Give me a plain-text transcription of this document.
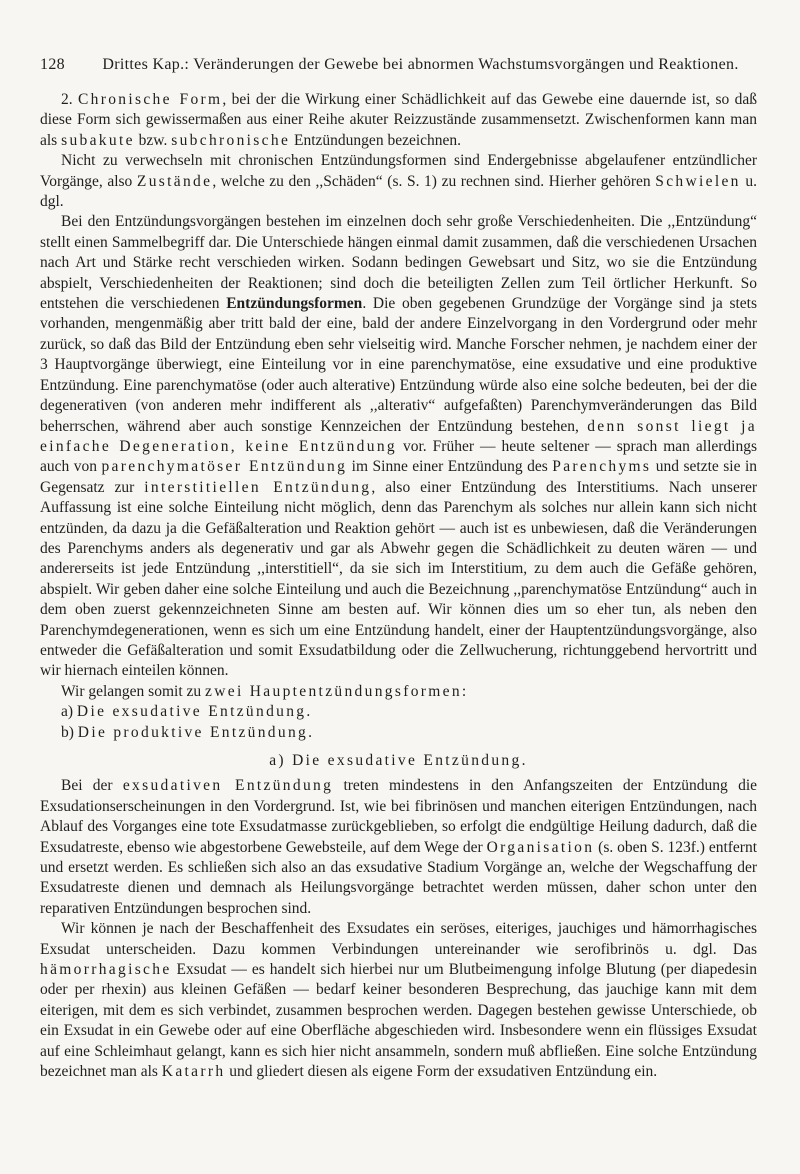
128	Drittes Kap.: Veränderungen der Gewebe bei abnormen Wachstumsvorgängen und Reaktionen.

2. Chronische Form, bei der die Wirkung einer Schädlichkeit auf das Gewebe eine dauernde ist, so daß diese Form sich gewissermaßen aus einer Reihe akuter Reizzustände zusammensetzt. Zwischenformen kann man als subakute bzw. subchronische Entzündungen bezeichnen.

Nicht zu verwechseln mit chronischen Entzündungsformen sind Endergebnisse abgelaufener entzündlicher Vorgänge, also Zustände, welche zu den ,,Schäden“ (s. S. 1) zu rechnen sind. Hierher gehören Schwielen u. dgl.

Bei den Entzündungsvorgängen bestehen im einzelnen doch sehr große Verschiedenheiten. Die ,,Entzündung“ stellt einen Sammelbegriff dar. Die Unterschiede hängen einmal damit zusammen, daß die verschiedenen Ursachen nach Art und Stärke recht verschieden wirken. Sodann bedingen Gewebsart und Sitz, wo sie die Entzündung abspielt, Verschiedenheiten der Reaktionen; sind doch die beteiligten Zellen zum Teil örtlicher Herkunft. So entstehen die verschiedenen Entzündungsformen. Die oben gegebenen Grundzüge der Vorgänge sind ja stets vorhanden, mengenmäßig aber tritt bald der eine, bald der andere Einzelvorgang in den Vordergrund oder mehr zurück, so daß das Bild der Entzündung eben sehr vielseitig wird. Manche Forscher nehmen, je nachdem einer der 3 Hauptvorgänge überwiegt, eine Einteilung vor in eine parenchymatöse, eine exsudative und eine produktive Entzündung. Eine parenchymatöse (oder auch alterative) Entzündung würde also eine solche bedeuten, bei der die degenerativen (von anderen mehr indifferent als ,,alterativ“ aufgefaßten) Parenchymveränderungen das Bild beherrschen, während aber auch sonstige Kennzeichen der Entzündung bestehen, denn sonst liegt ja einfache Degeneration, keine Entzündung vor. Früher — heute seltener — sprach man allerdings auch von parenchymatöser Entzündung im Sinne einer Entzündung des Parenchyms und setzte sie in Gegensatz zur interstitiellen Entzündung, also einer Entzündung des Interstitiums. Nach unserer Auffassung ist eine solche Einteilung nicht möglich, denn das Parenchym als solches nur allein kann sich nicht entzünden, da dazu ja die Gefäßalteration und Reaktion gehört — auch ist es unbewiesen, daß die Veränderungen des Parenchyms anders als degenerativ und gar als Abwehr gegen die Schädlichkeit zu deuten wären — und andererseits ist jede Entzündung ,,interstitiell“, da sie sich im Interstitium, zu dem auch die Gefäße gehören, abspielt. Wir geben daher eine solche Einteilung und auch die Bezeichnung ,,parenchymatöse Entzündung“ auch in dem oben zuerst gekennzeichneten Sinne am besten auf. Wir können dies um so eher tun, als neben den Parenchymdegenerationen, wenn es sich um eine Entzündung handelt, einer der Hauptentzündungsvorgänge, also entweder die Gefäßalteration und somit Exsudatbildung oder die Zellwucherung, richtunggebend hervortritt und wir hiernach einteilen können.

Wir gelangen somit zu zwei Hauptentzündungsformen:

a) Die exsudative Entzündung.

b) Die produktive Entzündung.

a) Die exsudative Entzündung.

Bei der exsudativen Entzündung treten mindestens in den Anfangszeiten der Entzündung die Exsudationserscheinungen in den Vordergrund. Ist, wie bei fibrinösen und manchen eiterigen Entzündungen, nach Ablauf des Vorganges eine tote Exsudatmasse zurückgeblieben, so erfolgt die endgültige Heilung dadurch, daß die Exsudatreste, ebenso wie abgestorbene Gewebsteile, auf dem Wege der Organisation (s. oben S. 123f.) entfernt und ersetzt werden. Es schließen sich also an das exsudative Stadium Vorgänge an, welche der Wegschaffung der Exsudatreste dienen und demnach als Heilungsvorgänge betrachtet werden müssen, daher schon unter den reparativen Entzündungen besprochen sind.

Wir können je nach der Beschaffenheit des Exsudates ein seröses, eiteriges, jauchiges und hämorrhagisches Exsudat unterscheiden. Dazu kommen Verbindungen untereinander wie serofibrinös u. dgl. Das hämorrhagische Exsudat — es handelt sich hierbei nur um Blutbeimengung infolge Blutung (per diapedesin oder per rhexin) aus kleinen Gefäßen — bedarf keiner besonderen Besprechung, das jauchige kann mit dem eiterigen, mit dem es sich verbindet, zusammen besprochen werden. Dagegen bestehen gewisse Unterschiede, ob ein Exsudat in ein Gewebe oder auf eine Oberfläche abgeschieden wird. Insbesondere wenn ein flüssiges Exsudat auf eine Schleimhaut gelangt, kann es sich hier nicht ansammeln, sondern muß abfließen. Eine solche Entzündung bezeichnet man als Katarrh und gliedert diesen als eigene Form der exsudativen Entzündung ein.
